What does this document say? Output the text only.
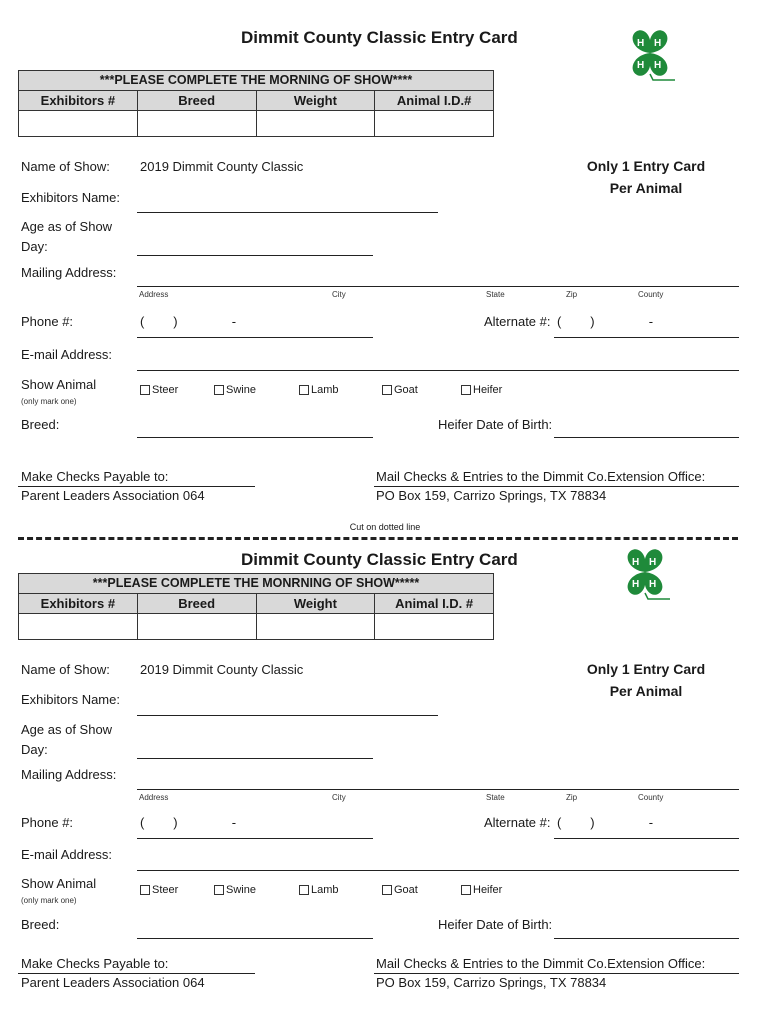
Dimmit County Classic Entry Card	H H
H H
***PLEASE COMPLETE THE MORNING OF SHOW****
Exhibitors #	Breed	Weight	Animal I.D.#
Name of Show: 2019 Dimmit County Classic	Only 1 Entry Card
Per Animal
Exhibitors Name:
Age as of Show
Day:
Mailing Address:
Address	City	State	Zip	County
Phone #:	(        )               -	Alternate #: (        )               -
E-mail Address:
Show Animal
(only mark one)
Steer	Swine	Lamb	Goat	Heifer
Breed:	Heifer Date of Birth:
Make Checks Payable to:
Parent Leaders Association 064
Mail Checks & Entries to the Dimmit Co.Extension Office:
PO Box 159, Carrizo Springs, TX 78834
Cut on dotted line
Dimmit County Classic Entry Card	H H
H H
***PLEASE COMPLETE THE MONRNING OF SHOW*****
Exhibitors #	Breed	Weight	Animal I.D. #
Name of Show: 2019 Dimmit County Classic	Only 1 Entry Card
Per Animal
Exhibitors Name:
Age as of Show
Day:
Mailing Address:
Address	City	State	Zip	County
Phone #:	(        )               -	Alternate #: (        )               -
E-mail Address:
Show Animal
(only mark one)
Steer	Swine	Lamb	Goat	Heifer
Breed:	Heifer Date of Birth:
Make Checks Payable to:
Parent Leaders Association 064
Mail Checks & Entries to the Dimmit Co.Extension Office:
PO Box 159, Carrizo Springs, TX 78834
